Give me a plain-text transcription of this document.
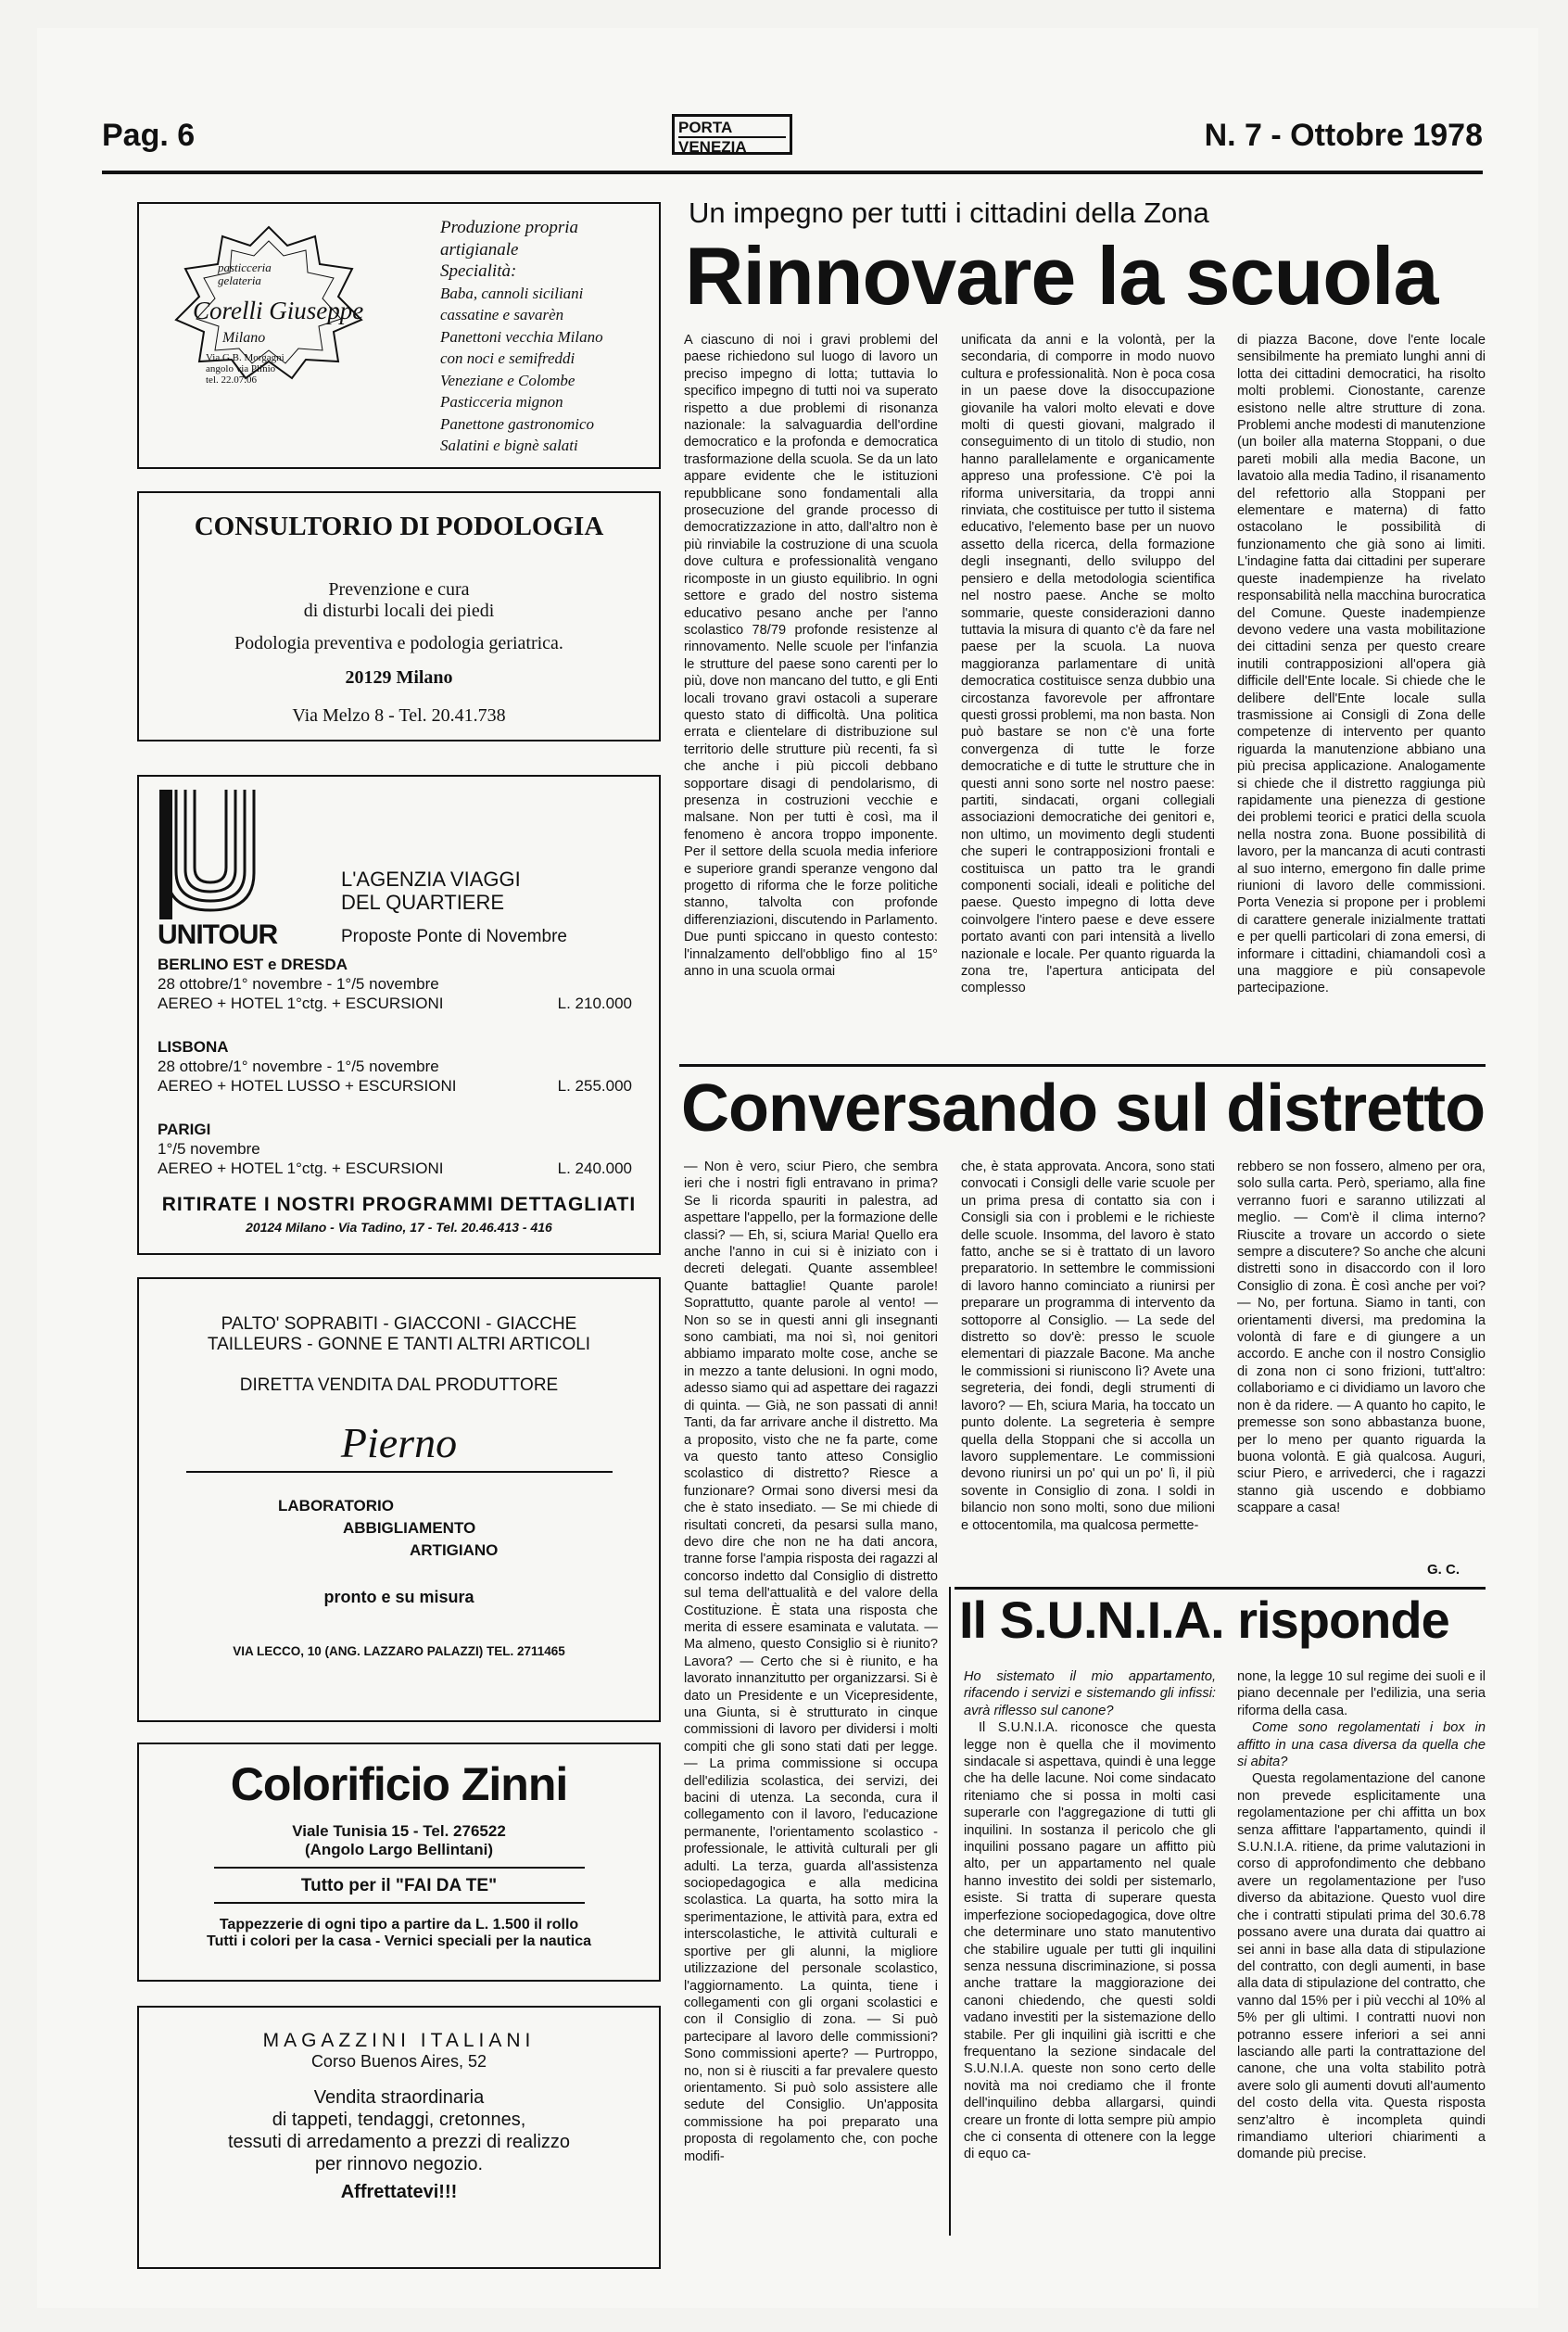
Pag. 6	PORTA
VENEZIA	N. 7 - Ottobre 1978
pasticceria
gelateria
Corelli Giuseppe
Milano
Via G.B. Morgagni
angolo via Plinio
tel. 22.07.06
Produzione propria
artigianale
Specialità:
Baba, cannoli siciliani
cassatine e savarèn
Panettoni vecchia Milano
con noci e semifreddi
Veneziane e Colombe
Pasticceria mignon
Panettone gastronomico
Salatini e bignè salati
CONSULTORIO DI PODOLOGIA
Prevenzione e cura
di disturbi locali dei piedi
Podologia preventiva e podologia geriatrica.
20129 Milano
Via Melzo 8 - Tel. 20.41.738
UNITOUR
L'AGENZIA VIAGGI
DEL QUARTIERE
Proposte Ponte di Novembre
BERLINO EST e DRESDA
28 ottobre/1° novembre - 1°/5 novembre
AEREO + HOTEL 1°ctg. + ESCURSIONI	L. 210.000
LISBONA
28 ottobre/1° novembre - 1°/5 novembre
AEREO + HOTEL LUSSO + ESCURSIONI	L. 255.000
PARIGI
1°/5 novembre
AEREO + HOTEL 1°ctg. + ESCURSIONI	L. 240.000
RITIRATE I NOSTRI PROGRAMMI DETTAGLIATI
20124 Milano - Via Tadino, 17 - Tel. 20.46.413 - 416
PALTO' SOPRABITI - GIACCONI - GIACCHE
TAILLEURS - GONNE E TANTI ALTRI ARTICOLI
DIRETTA VENDITA DAL PRODUTTORE
Pierno
LABORATORIO
ABBIGLIAMENTO
ARTIGIANO
pronto e su misura
VIA LECCO, 10 (ANG. LAZZARO PALAZZI) TEL. 2711465
Colorificio Zinni
Viale Tunisia 15 - Tel. 276522
(Angolo Largo Bellintani)
Tutto per il "FAI DA TE"
Tappezzerie di ogni tipo a partire da L. 1.500 il rollo
Tutti i colori per la casa - Vernici speciali per la nautica
MAGAZZINI ITALIANI
Corso Buenos Aires, 52
Vendita straordinaria
di tappeti, tendaggi, cretonnes,
tessuti di arredamento a prezzi di realizzo
per rinnovo negozio.
Affrettatevi!!!
Un impegno per tutti i cittadini della Zona
Rinnovare la scuola
A ciascuno di noi i gravi problemi del paese richiedono sul luogo di lavoro un preciso impegno di lotta; tuttavia lo specifico impegno di tutti noi va superato rispetto a due problemi di risonanza nazionale: la salvaguardia dell'ordine democratico e la profonda e democratica trasformazione della scuola. Se da un lato appare evidente che le istituzioni repubblicane sono fondamentali alla prosecuzione del grande processo di democratizzazione in atto, dall'altro non è più rinviabile la costruzione di una scuola dove cultura e professionalità vengano ricomposte in un giusto equilibrio. In ogni settore e grado del nostro sistema educativo pesano anche per l'anno scolastico 78/79 profonde resistenze al rinnovamento. Nelle scuole per l'infanzia le strutture del paese sono carenti per lo più, dove non mancano del tutto, e gli Enti locali trovano gravi ostacoli a superare questo stato di difficoltà. Una politica errata e clientelare di distribuzione sul territorio delle strutture più recenti, fa sì che anche i più piccoli debbano sopportare disagi di pendolarismo, di presenza in costruzioni vecchie e malsane. Non per tutti è così, ma il fenomeno è ancora troppo imponente. Per il settore della scuola media inferiore e superiore grandi speranze vengono dal progetto di riforma che le forze politiche stanno, talvolta con profonde differenziazioni, discutendo in Parlamento. Due punti spiccano in questo contesto: l'innalzamento dell'obbligo fino al 15° anno in una scuola ormai
unificata da anni e la volontà, per la secondaria, di comporre in modo nuovo cultura e professionalità. Non è poca cosa in un paese dove la disoccupazione giovanile ha valori molto elevati e dove molti di questi giovani, malgrado il conseguimento di un titolo di studio, non hanno parallelamente e organicamente appreso una professione. C'è poi la riforma universitaria, da troppi anni rinviata, che costituisce per tutto il sistema educativo, l'elemento base per un nuovo assetto della ricerca, della formazione degli insegnanti, dello sviluppo del pensiero e della metodologia scientifica nel nostro paese. Anche se molto sommarie, queste considerazioni danno tuttavia la misura di quanto c'è da fare nel paese per la scuola. La nuova maggioranza parlamentare di unità democratica costituisce senza dubbio una circostanza favorevole per affrontare questi grossi problemi, ma non basta. Non può bastare se non c'è una forte convergenza di tutte le forze democratiche e di tutte le strutture che in questi anni sono sorte nel nostro paese: partiti, sindacati, organi collegiali associazioni democratiche dei genitori e, non ultimo, un movimento degli studenti che superi le contrapposizioni frontali e costituisca un patto tra le grandi componenti sociali, ideali e politiche del paese. Questo impegno di lotta deve coinvolgere l'intero paese e deve essere portato avanti con pari intensità a livello nazionale e locale. Per quanto riguarda la zona tre, l'apertura anticipata del complesso
di piazza Bacone, dove l'ente locale sensibilmente ha premiato lunghi anni di lotta dei cittadini democratici, ha risolto molti problemi. Cionostante, carenze esistono nelle altre strutture di zona. Problemi anche modesti di manutenzione (un boiler alla materna Stoppani, o due pareti mobili alla media Bacone, un lavatoio alla media Tadino, il risanamento del refettorio alla Stoppani per elementare e materna) di fatto ostacolano le possibilità di funzionamento che già sono ai limiti. L'indagine fatta dai cittadini per superare queste inadempienze ha rivelato responsabilità nella macchina burocratica del Comune. Queste inadempienze devono vedere una vasta mobilitazione dei cittadini senza per questo creare inutili contrapposizioni all'opera già difficile dell'Ente locale. Si chiede che le delibere dell'Ente locale sulla trasmissione ai Consigli di Zona delle competenze di intervento per quanto riguarda la manutenzione abbiano una più precisa applicazione. Analogamente si chiede che il distretto raggiunga più rapidamente una pienezza di gestione dei problemi teorici e pratici della scuola nella nostra zona. Buone possibilità di lavoro, per la mancanza di acuti contrasti al suo interno, emergono fin dalle prime riunioni di lavoro delle commissioni. Porta Venezia si propone per i problemi di carattere generale inizialmente trattati e per quelli particolari di zona emersi, di informare i cittadini, chiamandoli così a una maggiore e più consapevole partecipazione.
Conversando sul distretto
— Non è vero, sciur Piero, che sembra ieri che i nostri figli entravano in prima? Se li ricorda spauriti in palestra, ad aspettare l'appello, per la formazione delle classi? — Eh, si, sciura Maria! Quello era anche l'anno in cui si è iniziato con i decreti delegati. Quante assemblee! Quante battaglie! Quante parole! Soprattutto, quante parole al vento! — Non so se in questi anni gli insegnanti sono cambiati, ma noi sì, noi genitori abbiamo imparato molte cose, anche se in mezzo a tante delusioni. In ogni modo, adesso siamo qui ad aspettare dei ragazzi di quinta. — Già, ne son passati di anni! Tanti, da far arrivare anche il distretto. Ma a proposito, visto che ne fa parte, come va questo tanto atteso Consiglio scolastico di distretto? Riesce a funzionare? Ormai sono diversi mesi da che è stato insediato. — Se mi chiede di risultati concreti, da pesarsi sulla mano, devo dire che non ne ha dati ancora, tranne forse l'ampia risposta dei ragazzi al concorso indetto dal Consiglio di distretto sul tema dell'attualità e del valore della Costituzione. È stata una risposta che merita di essere esaminata e valutata. — Ma almeno, questo Consiglio si è riunito? Lavora? — Certo che si è riunito, e ha lavorato innanzitutto per organizzarsi. Si è dato un Presidente e un Vicepresidente, una Giunta, si è strutturato in cinque commissioni di lavoro per dividersi i molti compiti che gli sono stati dati per legge. — La prima commissione si occupa dell'edilizia scolastica, dei servizi, dei bacini di utenza. La seconda, cura il collegamento con il lavoro, l'educazione permanente, l'orientamento scolastico - professionale, le attività culturali per gli adulti. La terza, guarda all'assistenza sociopedagogica e alla medicina scolastica. La quarta, ha sotto mira la sperimentazione, le attività para, extra ed interscolastiche, le attività culturali e sportive per gli alunni, la migliore utilizzazione del personale scolastico, l'aggiornamento. La quinta, tiene i collegamenti con gli organi scolastici e con il Consiglio di zona. — Si può partecipare al lavoro delle commissioni? Sono commissioni aperte? — Purtroppo, no, non si è riusciti a far prevalere questo orientamento. Si può solo assistere alle sedute del Consiglio. Un'apposita commissione ha poi preparato una proposta di regolamento che, con poche modifi-
che, è stata approvata. Ancora, sono stati convocati i Consigli delle varie scuole per un prima presa di contatto sia con i Consigli sia con i problemi e le richieste delle scuole. Insomma, del lavoro è stato fatto, anche se si è trattato di un lavoro preparatorio. In settembre le commissioni di lavoro hanno cominciato a riunirsi per preparare un programma di intervento da sottoporre al Consiglio. — La sede del distretto so dov'è: presso le scuole elementari di piazzale Bacone. Ma anche le commissioni si riuniscono lì? Avete una segreteria, dei fondi, degli strumenti di lavoro? — Eh, sciura Maria, ha toccato un punto dolente. La segreteria è sempre quella della Stoppani che si accolla un lavoro supplementare. Le commissioni devono riunirsi un po' qui un po' lì, il più sovente in Consiglio di zona. I soldi in bilancio non sono molti, sono due milioni e ottocentomila, ma qualcosa permette-
rebbero se non fossero, almeno per ora, solo sulla carta. Però, speriamo, alla fine verranno fuori e saranno utilizzati al meglio. — Com'è il clima interno? Riuscite a trovare un accordo o siete sempre a discutere? So anche che alcuni distretti sono in disaccordo con il loro Consiglio di zona. È così anche per voi? — No, per fortuna. Siamo in tanti, con orientamenti diversi, ma predomina la volontà di fare e di giungere a un accordo. E anche con il nostro Consiglio di zona non ci sono frizioni, tutt'altro: collaboriamo e ci dividiamo un lavoro che non è da ridere. — A quanto ho capito, le premesse son sono abbastanza buone, per lo meno per quanto riguarda la buona volontà. E già qualcosa. Auguri, sciur Piero, e arrivederci, che i ragazzi stanno già uscendo e dobbiamo scappare a casa!
G. C.
Il S.U.N.I.A. risponde
Ho sistemato il mio appartamento, rifacendo i servizi e sistemando gli infissi: avrà riflesso sul canone?
Il S.U.N.I.A. riconosce che questa legge non è quella che il movimento sindacale si aspettava, quindi è una legge che ha delle lacune. Noi come sindacato riteniamo che si possa in molti casi superarle con l'aggregazione di tutti gli inquilini. In sostanza il pericolo che gli inquilini possano pagare un affitto più alto, per un appartamento nel quale hanno investito dei soldi per sistemarlo, esiste. Si tratta di superare questa imperfezione sociopedagogica, dove oltre che determinare uno stato manutentivo che stabilire uguale per tutti gli inquilini senza nessuna discriminazione, si possa anche trattare la maggiorazione dei canoni chiedendo, che questi soldi vadano investiti per la sistemazione dello stabile. Per gli inquilini già iscritti e che frequentano la sezione sindacale del S.U.N.I.A. queste non sono certo delle novità ma noi crediamo che il fronte dell'inquilino debba allargarsi, quindi creare un fronte di lotta sempre più ampio che ci consenta di ottenere con la legge di equo ca-
none, la legge 10 sul regime dei suoli e il piano decennale per l'edilizia, una seria riforma della casa.
Come sono regolamentati i box in affitto in una casa diversa da quella che si abita?
Questa regolamentazione del canone non prevede esplicitamente una regolamentazione per chi affitta un box senza affittare l'appartamento, quindi il S.U.N.I.A. ritiene, da prime valutazioni in corso di approfondimento che debbano avere un regolamentazione per l'uso diverso da abitazione. Questo vuol dire che i contratti stipulati prima del 30.6.78 possano avere una durata dai quattro ai sei anni in base alla data di stipulazione del contratto, con degli aumenti, in base alla data di stipulazione del contratto, che vanno dal 15% per i più vecchi al 10% al 5% per gli ultimi. I contratti nuovi non potranno essere inferiori a sei anni lasciando alle parti la contrattazione del canone, che una volta stabilito potrà avere solo gli aumenti dovuti all'aumento del costo della vita. Questa risposta senz'altro è incompleta quindi rimandiamo ulteriori chiarimenti a domande più precise.
